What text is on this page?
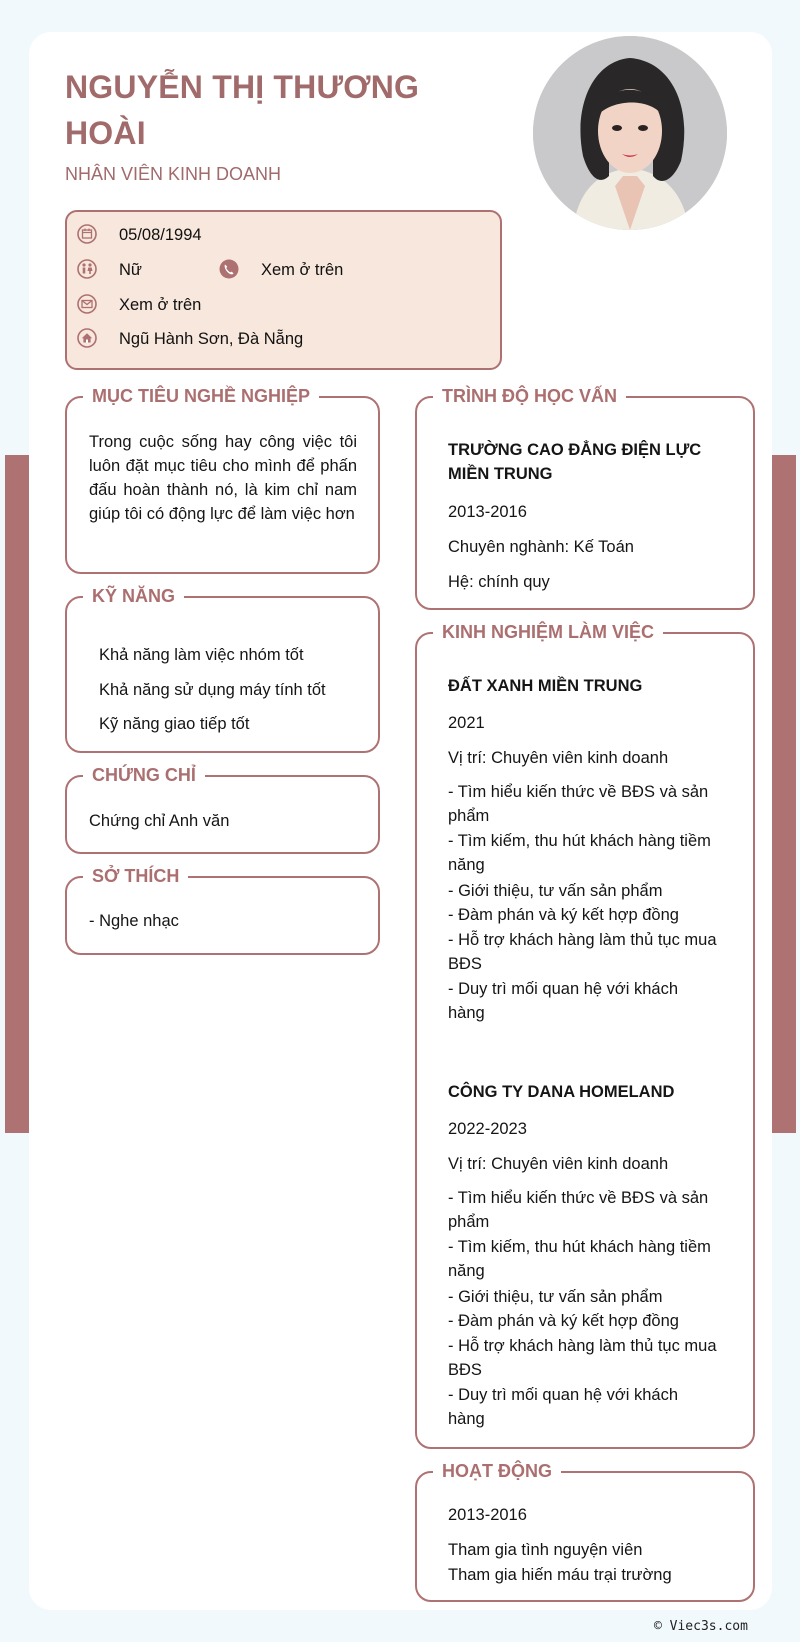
NGUYỄN THỊ THƯƠNG HOÀI
NHÂN VIÊN KINH DOANH
05/08/1994
Nữ	Xem ở trên
Xem ở trên
Ngũ Hành Sơn, Đà Nẵng
MỤC TIÊU NGHỀ NGHIỆP
Trong cuộc sống hay công việc tôi luôn đặt mục tiêu cho mình để phấn đấu hoàn thành nó, là kim chỉ nam giúp tôi có động lực để làm việc hơn
KỸ NĂNG
Khả năng làm việc nhóm tốt
Khả năng sử dụng máy tính tốt
Kỹ năng giao tiếp tốt
CHỨNG CHỈ
Chứng chỉ Anh văn
SỞ THÍCH
- Nghe nhạc
TRÌNH ĐỘ HỌC VẤN
TRƯỜNG CAO ĐẲNG ĐIỆN LỰC MIỀN TRUNG
2013-2016
Chuyên nghành: Kế Toán
Hệ: chính quy
KINH NGHIỆM LÀM VIỆC
ĐẤT XANH MIỀN TRUNG
2021
Vị trí: Chuyên viên kinh doanh
- Tìm hiểu kiến thức về BĐS và sản phẩm
- Tìm kiếm, thu hút khách hàng tiềm năng
- Giới thiệu, tư vấn sản phẩm
- Đàm phán và ký kết hợp đồng
- Hỗ trợ khách hàng làm thủ tục mua BĐS
- Duy trì mối quan hệ với khách hàng
CÔNG TY DANA HOMELAND
2022-2023
Vị trí: Chuyên viên kinh doanh
- Tìm hiểu kiến thức về BĐS và sản phẩm
- Tìm kiếm, thu hút khách hàng tiềm năng
- Giới thiệu, tư vấn sản phẩm
- Đàm phán và ký kết hợp đồng
- Hỗ trợ khách hàng làm thủ tục mua BĐS
- Duy trì mối quan hệ với khách hàng
HOẠT ĐỘNG
2013-2016
Tham gia tình nguyện viên
Tham gia hiến máu trại trường
© Viec3s.com
